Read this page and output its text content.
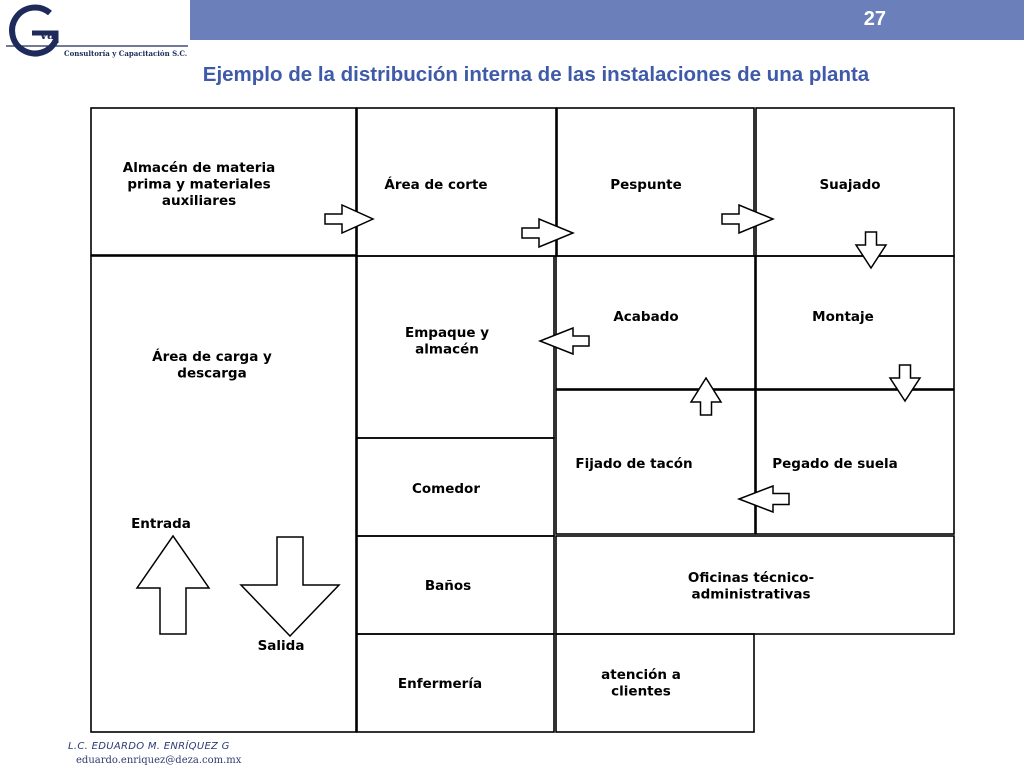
27
va
Consultoría y Capacitación S.C.
Ejemplo de la distribución interna de las instalaciones de una planta
Almacén de materia prima y materiales auxiliares
Área de corte	Pespunte	Suajado
Área de carga y descarga
Empaque y almacén
Acabado	Montaje
Fijado de tacón	Pegado de suela
Comedor
Baños	Oficinas técnico-administrativas
Enfermería
atención a clientes
Entrada
Salida
L.C. EDUARDO M. ENRÍQUEZ G
eduardo.enriquez@deza.com.mx
